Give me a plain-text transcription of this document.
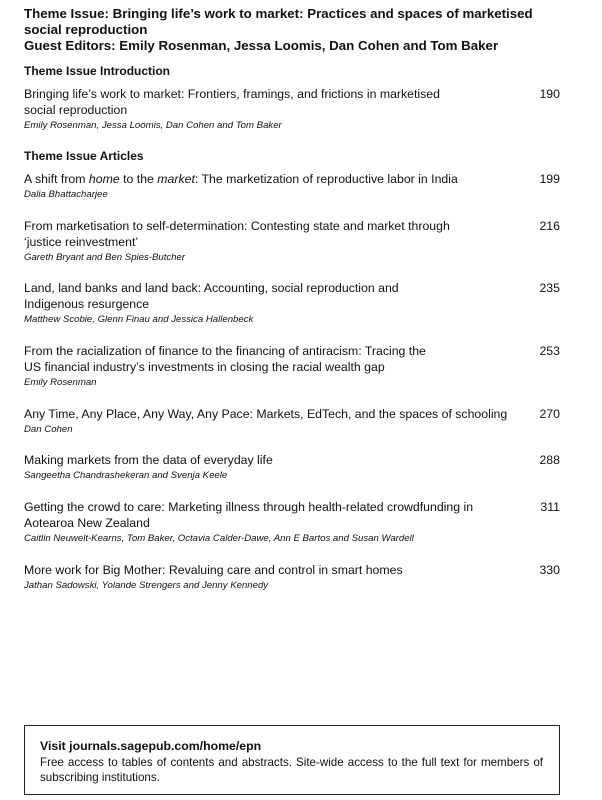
Theme Issue: Bringing life’s work to market: Practices and spaces of marketised
social reproduction
Guest Editors: Emily Rosenman, Jessa Loomis, Dan Cohen and Tom Baker
Theme Issue Introduction
Bringing life’s work to market: Frontiers, framings, and frictions in marketised
social reproduction
Emily Rosenman, Jessa Loomis, Dan Cohen and Tom Baker
190
Theme Issue Articles
A shift from home to the market: The marketization of reproductive labor in India
Dalia Bhattacharjee
199
From marketisation to self-determination: Contesting state and market through
‘justice reinvestment’
Gareth Bryant and Ben Spies-Butcher
216
Land, land banks and land back: Accounting, social reproduction and
Indigenous resurgence
Matthew Scobie, Glenn Finau and Jessica Hallenbeck
235
From the racialization of finance to the financing of antiracism: Tracing the
US financial industry’s investments in closing the racial wealth gap
Emily Rosenman
253
Any Time, Any Place, Any Way, Any Pace: Markets, EdTech, and the spaces of schooling
Dan Cohen
270
Making markets from the data of everyday life
Sangeetha Chandrashekeran and Svenja Keele
288
Getting the crowd to care: Marketing illness through health-related crowdfunding in
Aotearoa New Zealand
Caitlin Neuwelt-Kearns, Tom Baker, Octavia Calder-Dawe, Ann E Bartos and Susan Wardell
311
More work for Big Mother: Revaluing care and control in smart homes
Jathan Sadowski, Yolande Strengers and Jenny Kennedy
330
Visit journals.sagepub.com/home/epn
Free access to tables of contents and abstracts. Site-wide access to the full text for members of subscribing institutions.
